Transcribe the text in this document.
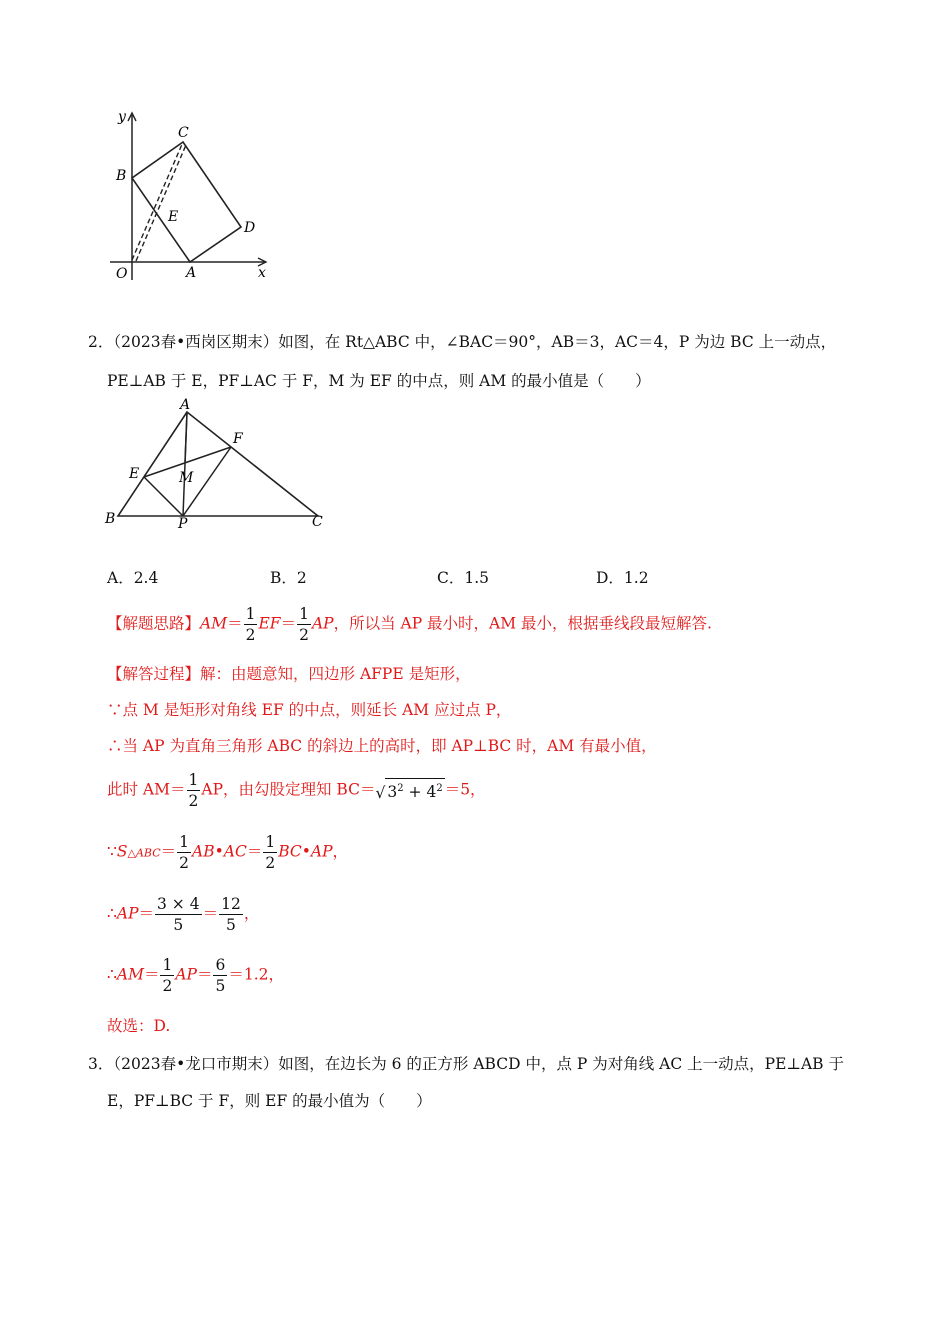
y
x
O	A
B
C
D
E
2．（2023春•西岗区期末）如图，在 Rt△ABC 中，∠BAC＝90°，AB＝3，AC＝4，P 为边 BC 上一动点，
PE⊥AB 于 E，PF⊥AC 于 F，M 为 EF 的中点，则 AM 的最小值是（　　）
A
B	C
E
F
M
P
A．2.4	B．2	C．1.5	D．1.2
【解题思路】$AM= \frac{1}{2} EF= \frac{1}{2}$ AP，所以当 AP 最小时，AM 最小，根据垂线段最短解答.
【解答过程】解：由题意知，四边形 AFPE 是矩形，
∵点 M 是矩形对角线 EF 的中点，则延长 AM 应过点 P，
∴当 AP 为直角三角形 ABC 的斜边上的高时，即 AP⊥BC 时，AM 有最小值，
此时 $AM= \frac{1}{2}$ AP，由勾股定理知 BC＝√ $3^2 + 4^2 =5$，
∵S△ABC＝ $\frac{1}{2}$ AB•AC＝ $\frac{1}{2}$ BC•AP，
∴AP＝ $\frac{3 \times 4}{5} = \frac{12}{5}$ ，
∴AM＝ $\frac{1}{2} AP= \frac{6}{5} =1.2$，
故选：D.
3．（2023春•龙口市期末）如图，在边长为 6 的正方形 ABCD 中，点 P 为对角线 AC 上一动点，PE⊥AB 于
E，PF⊥BC 于 F，则 EF 的最小值为（　　）
